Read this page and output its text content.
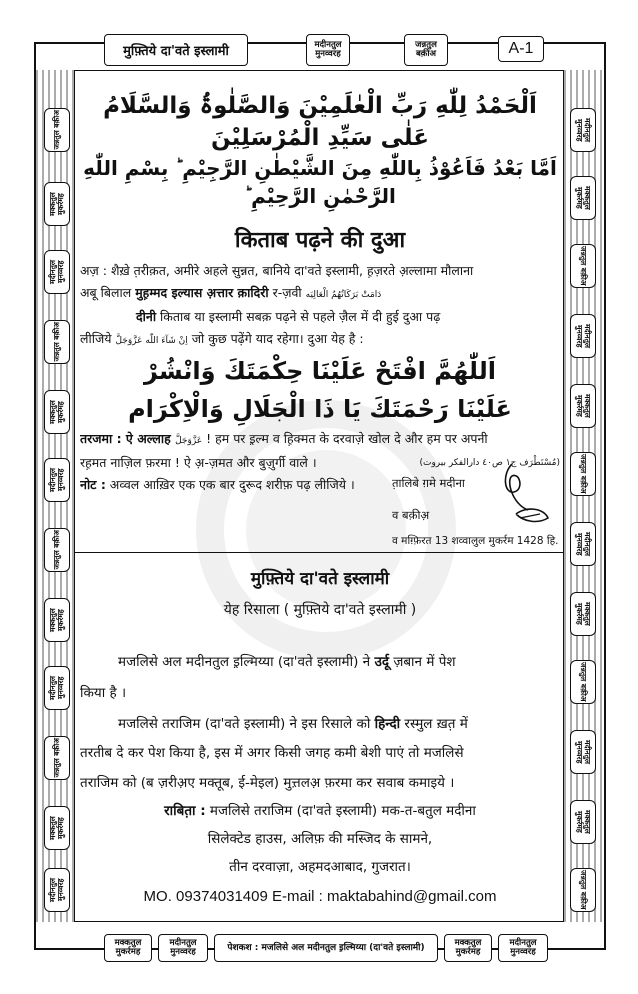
मुफ़्तिये दा'वते इस्लामी	मदीनतुल मुनव्वरह
जन्नतुल बक़ीअ	A-1
जन्नतुल बक़ीअ
मक्कतुल मुकर्रमह
मदीनतुल मुनव्वरह
जन्नतुल बक़ीअ
मक्कतुल मुकर्रमह
मदीनतुल मुनव्वरह
जन्नतुल बक़ीअ
मक्कतुल मुकर्रमह
मदीनतुल मुनव्वरह
जन्नतुल बक़ीअ
मक्कतुल मुकर्रमह
मदीनतुल मुनव्वरह
मदीनतुल मुनव्वरह
मक्कतुल मुकर्रमह
जन्नतुल बक़ीअ
मदीनतुल मुनव्वरह
मक्कतुल मुकर्रमह
जन्नतुल बक़ीअ
मदीनतुल मुनव्वरह
मक्कतुल मुकर्रमह
जन्नतुल बक़ीअ
मदीनतुल मुनव्वरह
मक्कतुल मुकर्रमह
जन्नतुल बक़ीअ
اَلْحَمْدُ لِلّٰهِ رَبِّ الْعٰلَمِیْنَ وَالصَّلٰوۃُ وَالسَّلَامُ عَلٰی سَیِّدِ الْمُرْسَلِیْنَ
اَمَّا بَعْدُ فَاَعُوْذُ بِاللّٰهِ مِنَ الشَّیْطٰنِ الرَّجِیْمِ ؕ بِسْمِ اللّٰهِ الرَّحْمٰنِ الرَّحِیْمِ ؕ
किताब पढ़ने की दुआ
अज़ : शैख़े त़रीक़त, अमीरे अहले सुन्नत, बानिये दा'वते इस्लामी, ह़ज़रते अ़ल्लामा मौलाना
अबू बिलाल मुह़म्मद इल्यास अ़त्तार क़ादिरी र-ज़वी دَامَتْ بَرَكَاتُهُمُ الْعَالِيَه
दीनी किताब या इस्लामी सबक़ पढ़ने से पहले ज़ैल में दी हुई दुआ पढ़
लीजिये اِنْ شَآءَ اللّٰه عَزَّوَجَلَّ जो कुछ पढ़ेंगे याद रहेगा। दुआ येह है :
اَللّٰهُمَّ افْتَحْ عَلَيْنَا حِكْمَتَكَ وَانْشُرْ
عَلَيْنَا رَحْمَتَكَ يَا ذَا الْجَلَالِ وَالْاِكْرَام
तरजमा : ऐ अल्लाह عَزَّوَجَلَّ ! हम पर इ़ल्म व ह़िक्मत के दरवाज़े खोल दे और हम पर अपनी
रह़मत नाज़िल फ़रमा ! ऐ अ़-ज़मत और बुज़ुर्गी वाले ।	(مُسْتَطْرَف ج١ ص٤٠ دارالفكر بيروت)
नोट : अव्वल आख़िर एक एक बार दुरूद शरीफ़ पढ़ लीजिये ।	त़ालिबे ग़मे मदीना
व बक़ीअ़
व मग़्फ़िरत 13 शव्वालुल मुकर्रम 1428 हि.
मुफ़्तिये दा'वते इस्लामी
येह रिसाला ( मुफ़्तिये दा'वते इस्लामी )
मजलिसे अल मदीनतुल इ़ल्मिय्या (दा'वते इस्लामी) ने उर्दू ज़बान में पेश
किया है ।
मजलिसे तराजिम (दा'वते इस्लामी) ने इस रिसाले को हिन्दी रस्मुल ख़त़ में
तरतीब दे कर पेश किया है, इस में अगर किसी जगह कमी बेशी पाएं तो मजलिसे
तराजिम को (ब ज़रीअ़ए मक्तूब, ई-मेइल) मुत्त़लअ़ फ़रमा कर सवाब कमाइये ।
राबित़ा : मजलिसे तराजिम (दा'वते इस्लामी) मक-त-बतुल मदीना
सिलेक्टेड हाउस, अलिफ़ की मस्जिद के सामने,
तीन दरवाज़ा, अहमदआबाद, गुजरात।
MO. 09374031409 E-mail : maktabahind@gmail.com
मक्कतुल मुकर्रमह
मदीनतुल मुनव्वरह	पेशकश : मजलिसे अल मदीनतुल इ़ल्मिय्या (दा'वते इस्लामी)	मक्कतुल मुकर्रमह
मदीनतुल मुनव्वरह
